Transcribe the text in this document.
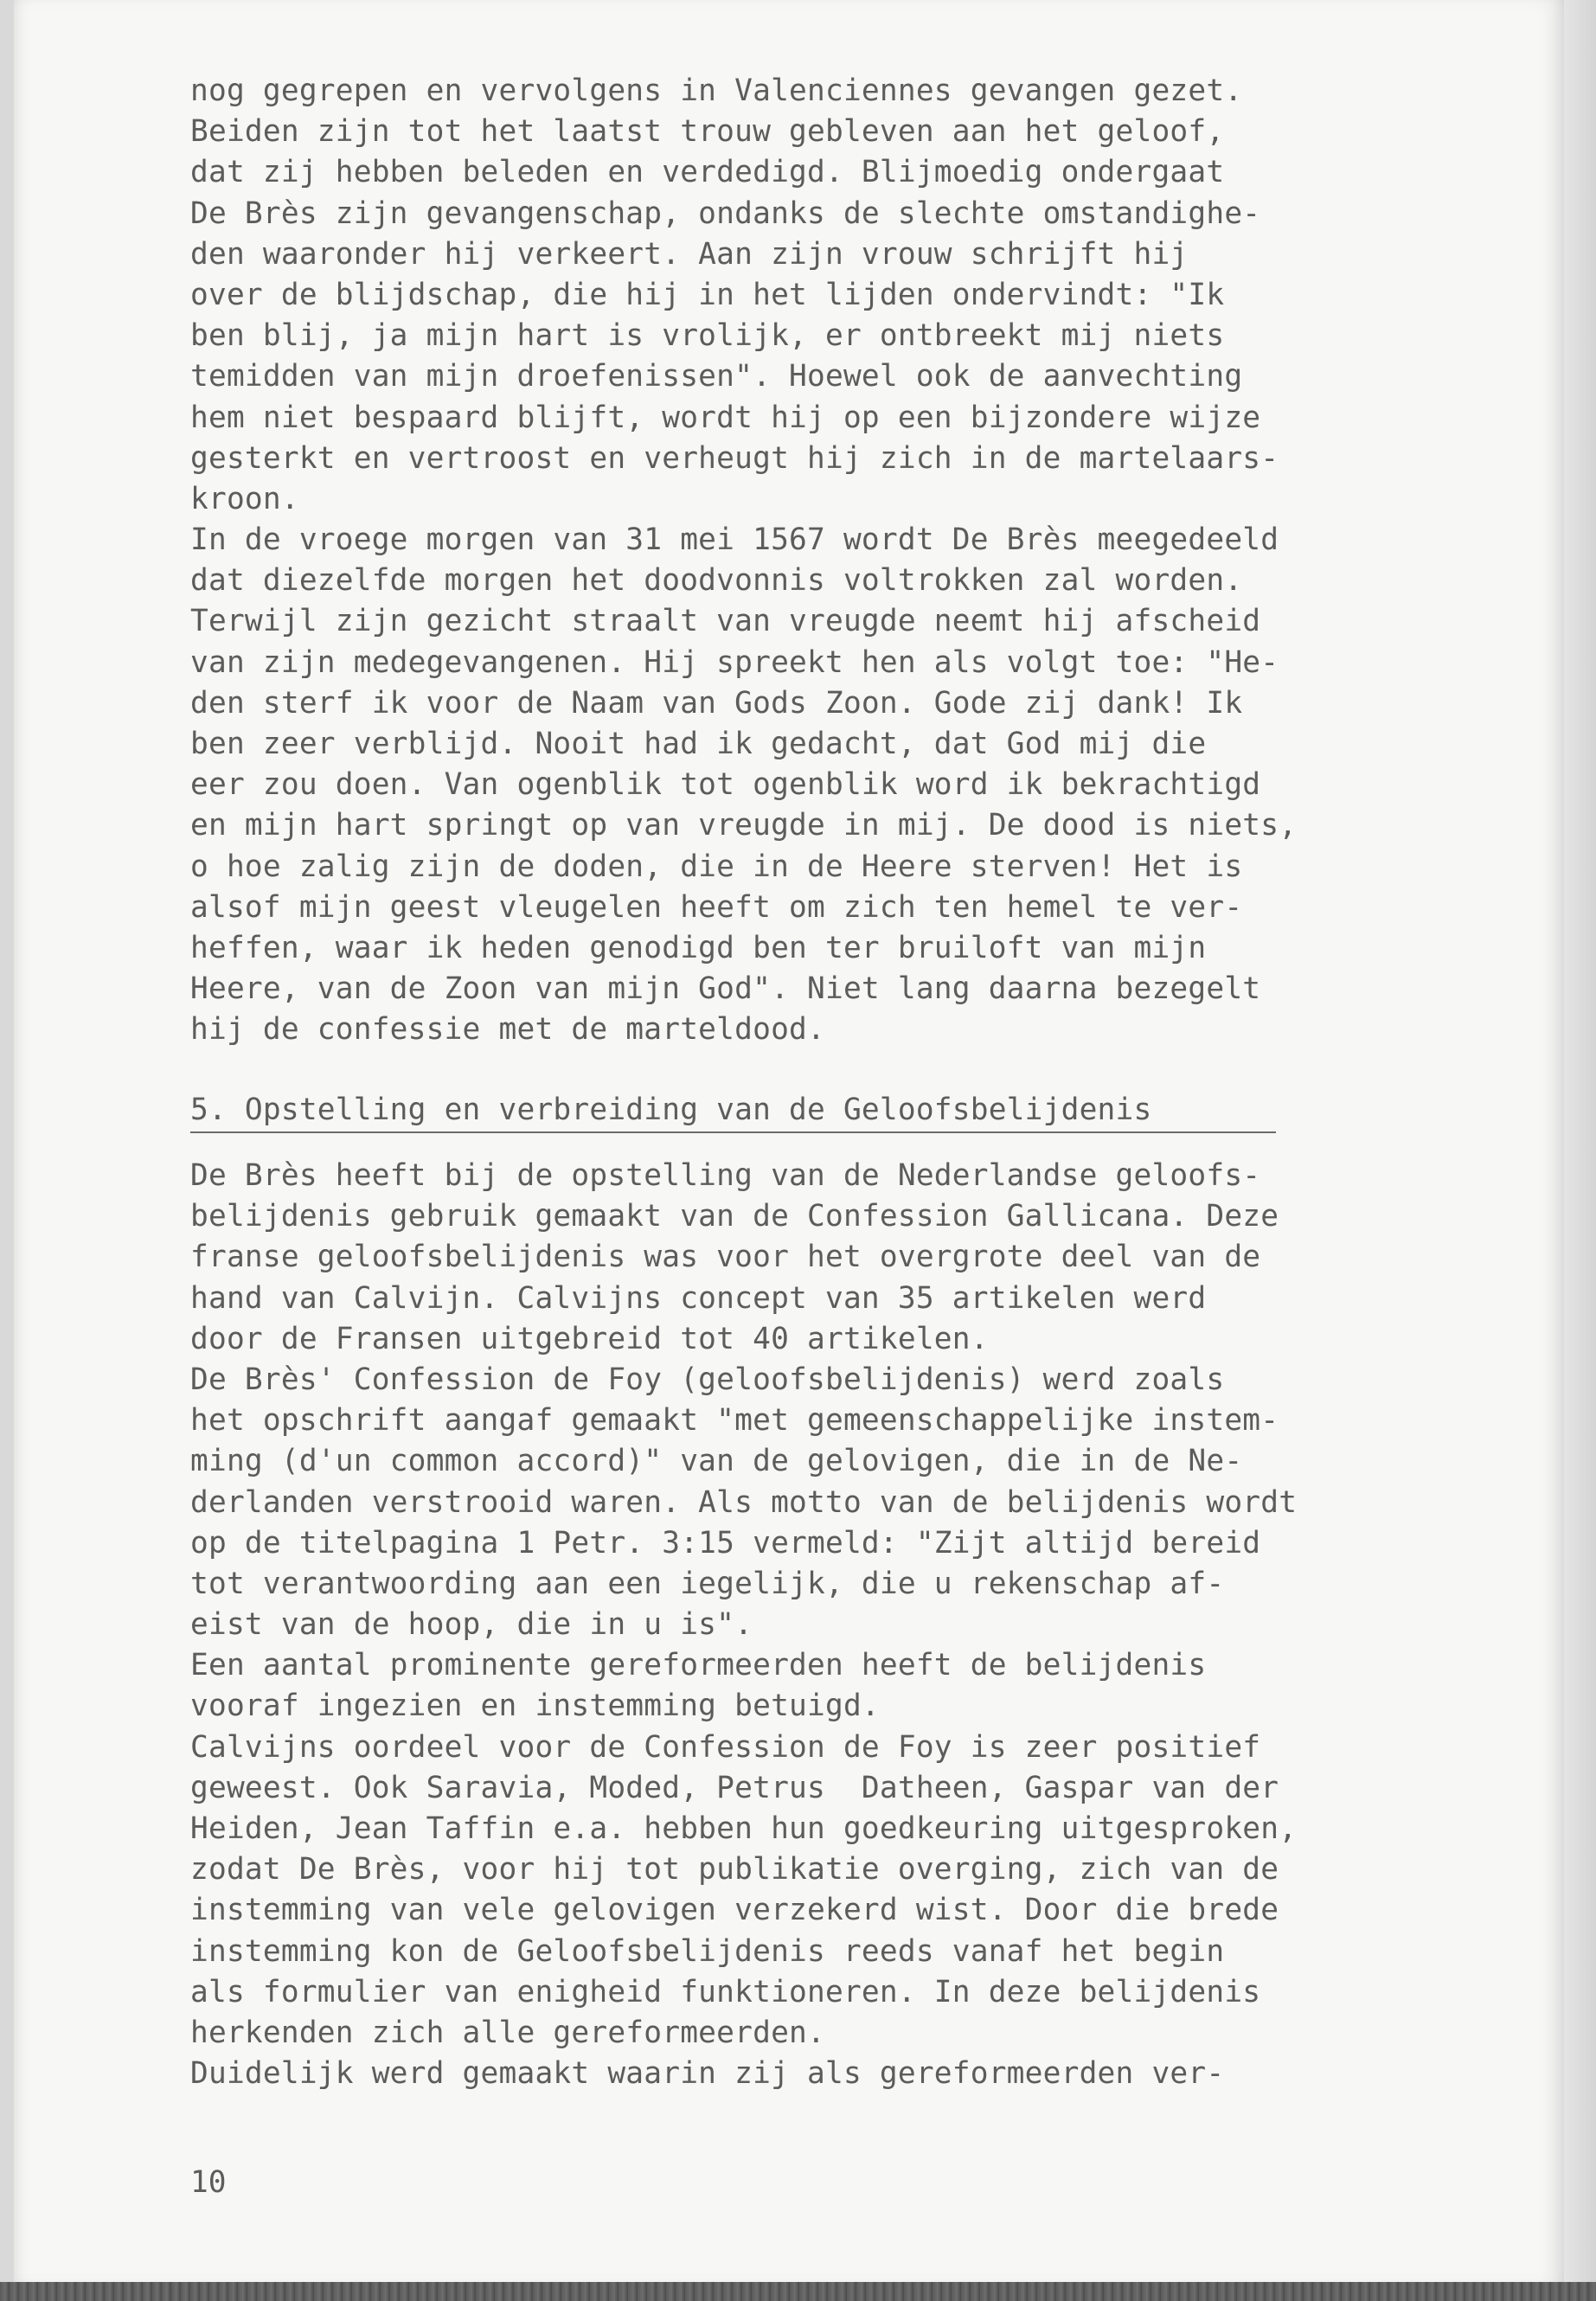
nog gegrepen en vervolgens in Valenciennes gevangen gezet.
Beiden zijn tot het laatst trouw gebleven aan het geloof,
dat zij hebben beleden en verdedigd. Blijmoedig ondergaat
De Brès zijn gevangenschap, ondanks de slechte omstandighe-
den waaronder hij verkeert. Aan zijn vrouw schrijft hij
over de blijdschap, die hij in het lijden ondervindt: "Ik
ben blij, ja mijn hart is vrolijk, er ontbreekt mij niets
temidden van mijn droefenissen". Hoewel ook de aanvechting
hem niet bespaard blijft, wordt hij op een bijzondere wijze
gesterkt en vertroost en verheugt hij zich in de martelaars-
kroon.
In de vroege morgen van 31 mei 1567 wordt De Brès meegedeeld
dat diezelfde morgen het doodvonnis voltrokken zal worden.
Terwijl zijn gezicht straalt van vreugde neemt hij afscheid
van zijn medegevangenen. Hij spreekt hen als volgt toe: "He-
den sterf ik voor de Naam van Gods Zoon. Gode zij dank! Ik
ben zeer verblijd. Nooit had ik gedacht, dat God mij die
eer zou doen. Van ogenblik tot ogenblik word ik bekrachtigd
en mijn hart springt op van vreugde in mij. De dood is niets,
o hoe zalig zijn de doden, die in de Heere sterven! Het is
alsof mijn geest vleugelen heeft om zich ten hemel te ver-
heffen, waar ik heden genodigd ben ter bruiloft van mijn
Heere, van de Zoon van mijn God". Niet lang daarna bezegelt
hij de confessie met de marteldood.
5. Opstelling en verbreiding van de Geloofsbelijdenis
De Brès heeft bij de opstelling van de Nederlandse geloofs-
belijdenis gebruik gemaakt van de Confession Gallicana. Deze
franse geloofsbelijdenis was voor het overgrote deel van de
hand van Calvijn. Calvijns concept van 35 artikelen werd
door de Fransen uitgebreid tot 40 artikelen.
De Brès' Confession de Foy (geloofsbelijdenis) werd zoals
het opschrift aangaf gemaakt "met gemeenschappelijke instem-
ming (d'un common accord)" van de gelovigen, die in de Ne-
derlanden verstrooid waren. Als motto van de belijdenis wordt
op de titelpagina 1 Petr. 3:15 vermeld: "Zijt altijd bereid
tot verantwoording aan een iegelijk, die u rekenschap af-
eist van de hoop, die in u is".
Een aantal prominente gereformeerden heeft de belijdenis
vooraf ingezien en instemming betuigd.
Calvijns oordeel voor de Confession de Foy is zeer positief
geweest. Ook Saravia, Moded, Petrus  Datheen, Gaspar van der
Heiden, Jean Taffin e.a. hebben hun goedkeuring uitgesproken,
zodat De Brès, voor hij tot publikatie overging, zich van de
instemming van vele gelovigen verzekerd wist. Door die brede
instemming kon de Geloofsbelijdenis reeds vanaf het begin
als formulier van enigheid funktioneren. In deze belijdenis
herkenden zich alle gereformeerden.
Duidelijk werd gemaakt waarin zij als gereformeerden ver-
10
